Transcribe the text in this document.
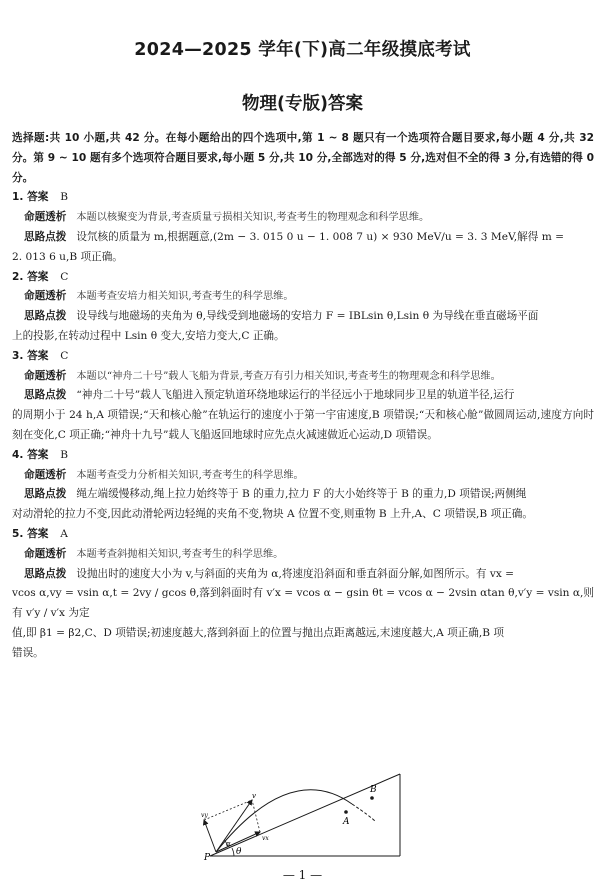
2024—2025 学年(下)高二年级摸底考试
物理(专版)答案

选择题:共 10 小题,共 42 分。在每小题给出的四个选项中,第 1 ~ 8 题只有一个选项符合题目要求,每小题 4 分,共 32 分。第 9 ~ 10 题有多个选项符合题目要求,每小题 5 分,共 10 分,全部选对的得 5 分,选对但不全的得 3 分,有选错的得 0 分。

1. 答案 B

命题透析 本题以核聚变为背景,考查质量亏损相关知识,考查考生的物理观念和科学思维。

思路点拨 设氘核的质量为 m,根据题意,(2m − 3. 015 0 u − 1. 008 7 u) × 930 MeV/u = 3. 3 MeV,解得 m =

2. 013 6 u,B 项正确。

2. 答案 C

命题透析 本题考查安培力相关知识,考查考生的科学思维。

思路点拨 设导线与地磁场的夹角为 θ,导线受到地磁场的安培力 F = IBLsin θ,Lsin θ 为导线在垂直磁场平面

上的投影,在转动过程中 Lsin θ 变大,安培力变大,C 正确。

3. 答案 C

命题透析 本题以“神舟二十号”载人飞船为背景,考查万有引力相关知识,考查考生的物理观念和科学思维。

思路点拨 “神舟二十号”载人飞船进入预定轨道环绕地球运行的半径远小于地球同步卫星的轨道半径,运行

的周期小于 24 h,A 项错误;“天和核心舱”在轨运行的速度小于第一宇宙速度,B 项错误;“天和核心舱”做圆周运动,速度方向时刻在变化,C 项正确;“神舟十九号”载人飞船返回地球时应先点火减速做近心运动,D 项错误。

4. 答案 B

命题透析 本题考查受力分析相关知识,考查考生的科学思维。

思路点拨 绳左端缓慢移动,绳上拉力始终等于 B 的重力,拉力 F 的大小始终等于 B 的重力,D 项错误;两侧绳

对动滑轮的拉力不变,因此动滑轮两边轻绳的夹角不变,物块 A 位置不变,则重物 B 上升,A、C 项错误,B 项正确。

5. 答案 A

命题透析 本题考查斜抛相关知识,考查考生的科学思维。

思路点拨 设抛出时的速度大小为 v,与斜面的夹角为 α,将速度沿斜面和垂直斜面分解,如图所示。有 vx =

vcos α,vy = vsin α,t = 2vy / gcos θ,落到斜面时有 v′x = vcos α − gsin θt = vcos α − 2vsin αtan θ,v′y = vsin α,则有 v′y / v′x 为定

值,即 β1 = β2,C、D 项错误;初速度越大,落到斜面上的位置与抛出点距离越远,末速度越大,A 项正确,B 项

错误。

P
A
B
θ
α
v
vx
vy
— 1 —
